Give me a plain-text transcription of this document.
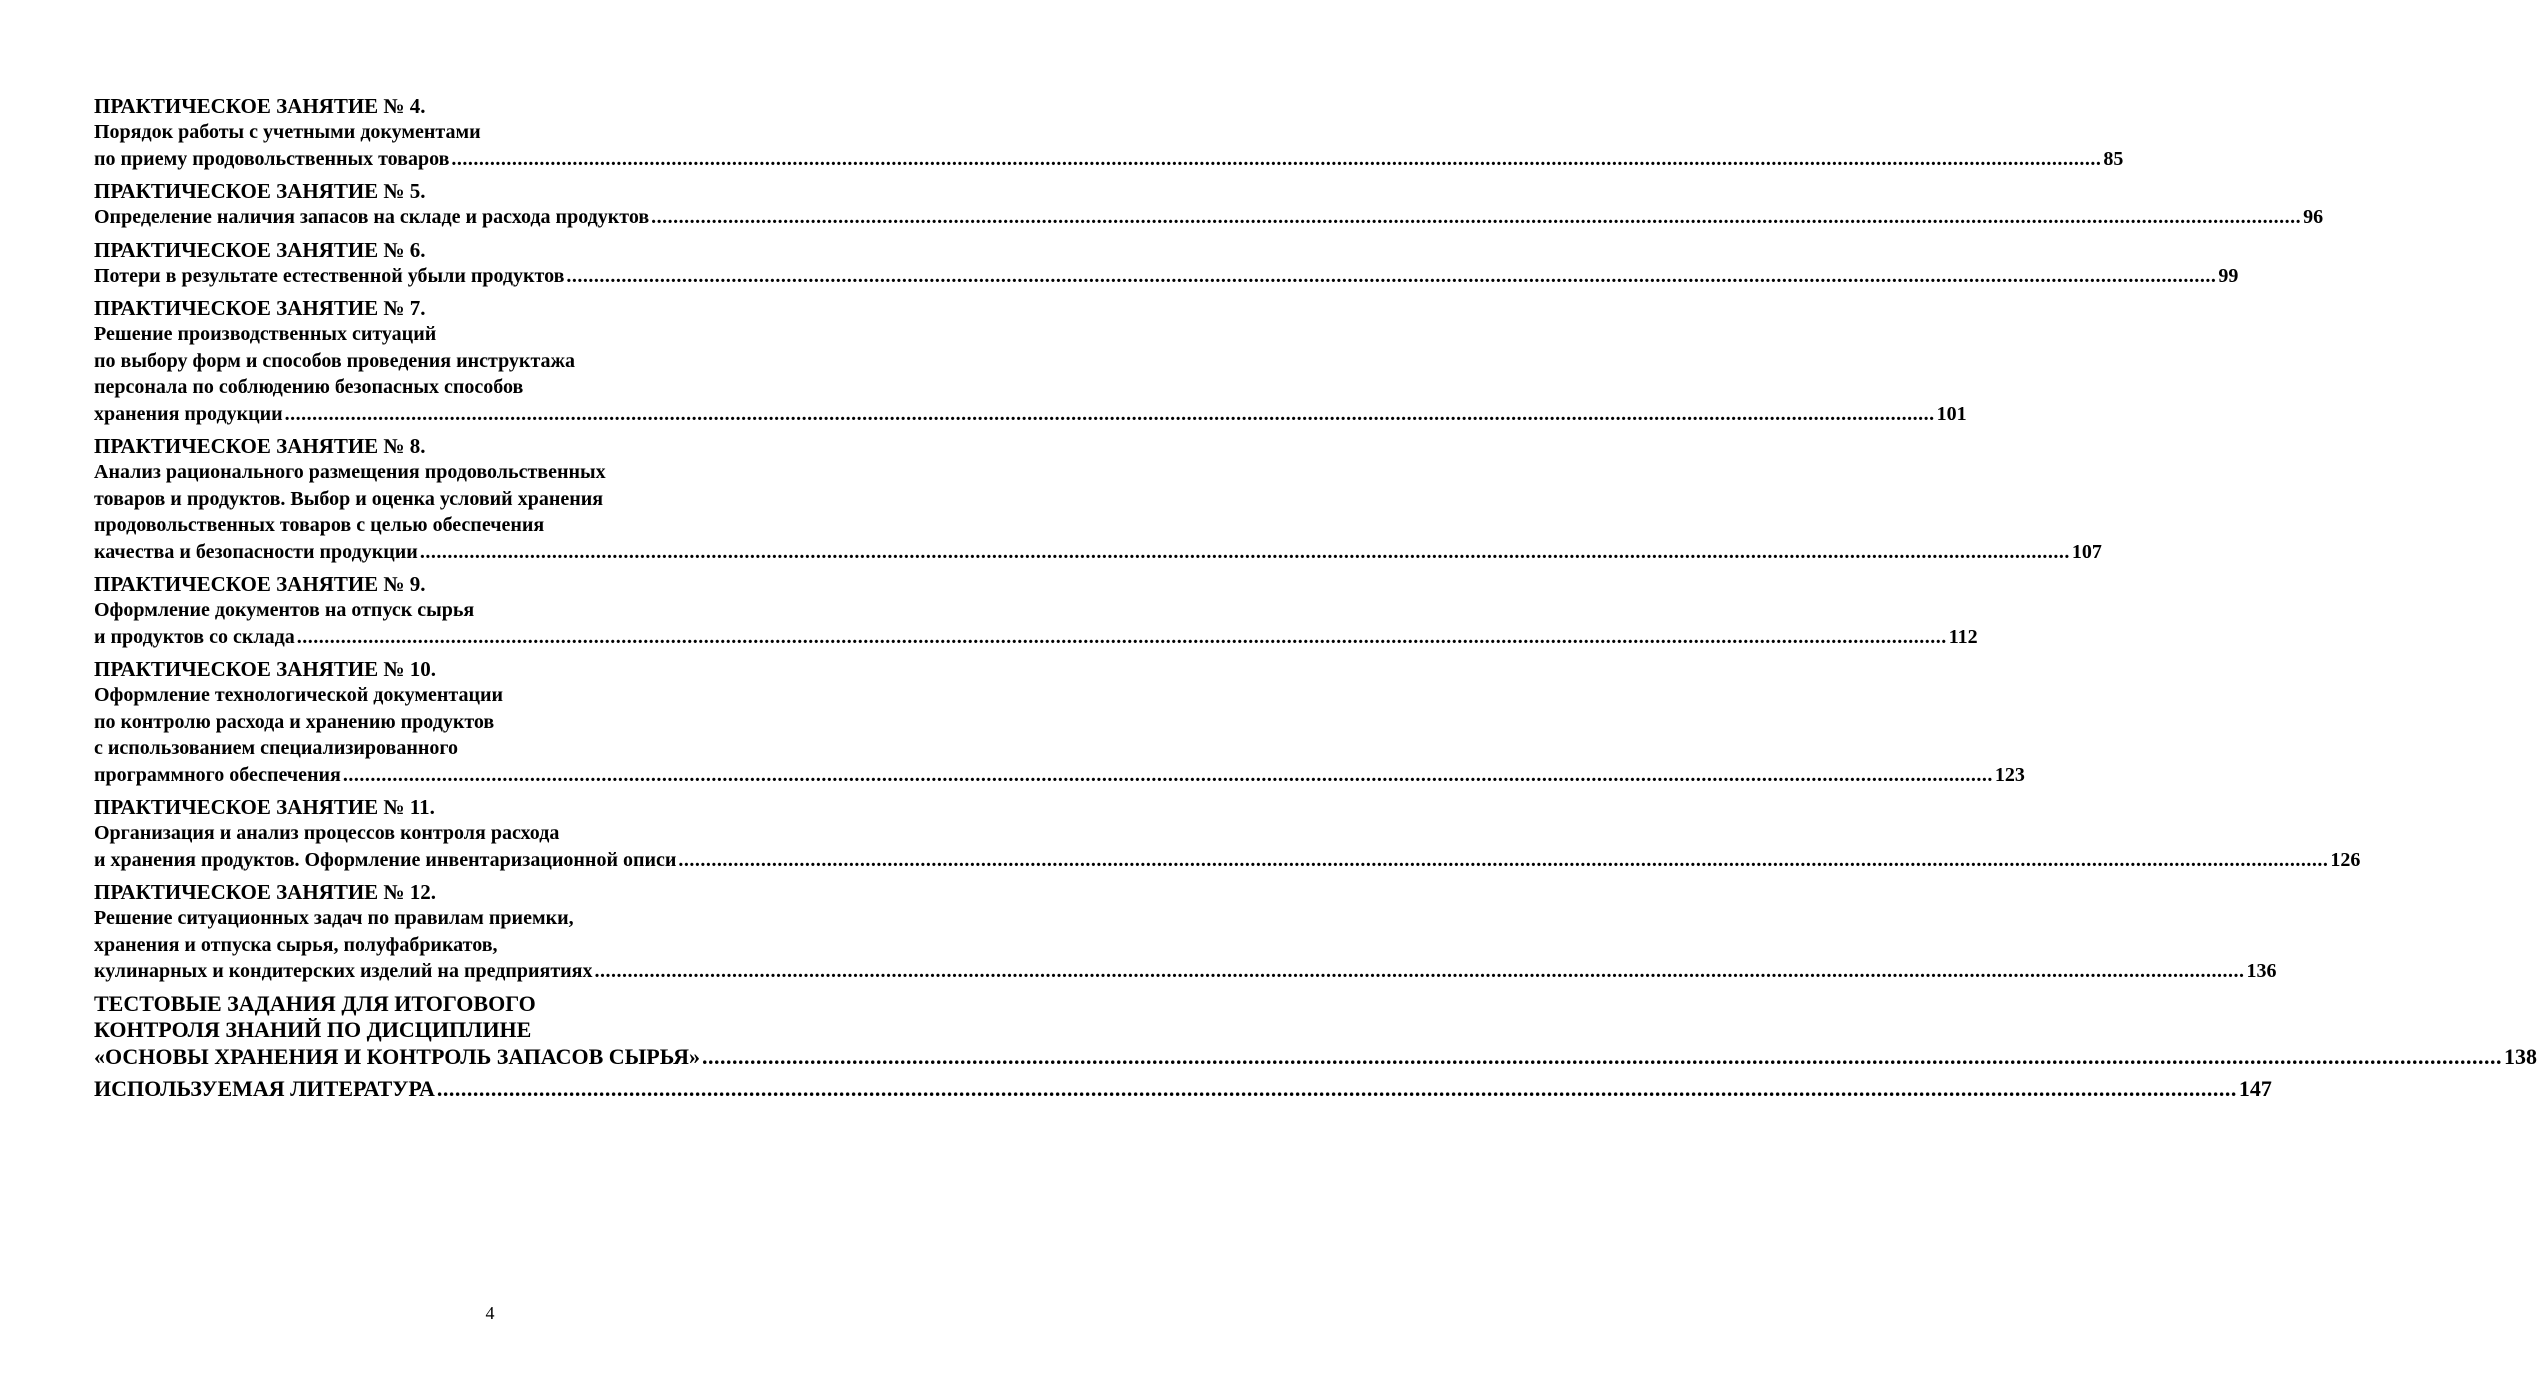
ПРАКТИЧЕСКОЕ ЗАНЯТИЕ № 4.
Порядок работы с учетными документами
по приему продовольственных товаров ............................................................................................................................................................................................................................................................................................................ 85
ПРАКТИЧЕСКОЕ ЗАНЯТИЕ № 5.
Определение наличия запасов на складе и расхода продуктов ............................................................................................................................................................................................................................................................................................................ 96
ПРАКТИЧЕСКОЕ ЗАНЯТИЕ № 6.
Потери в результате естественной убыли продуктов ............................................................................................................................................................................................................................................................................................................ 99
ПРАКТИЧЕСКОЕ ЗАНЯТИЕ № 7.
Решение производственных ситуаций
по выбору форм и способов проведения инструктажа
персонала по соблюдению безопасных способов
хранения продукции ............................................................................................................................................................................................................................................................................................................ 101
ПРАКТИЧЕСКОЕ ЗАНЯТИЕ № 8.
Анализ рационального размещения продовольственных
товаров и продуктов. Выбор и оценка условий хранения
продовольственных товаров с целью обеспечения
качества и безопасности продукции ............................................................................................................................................................................................................................................................................................................ 107
ПРАКТИЧЕСКОЕ ЗАНЯТИЕ № 9.
Оформление документов на отпуск сырья
и продуктов со склада ............................................................................................................................................................................................................................................................................................................ 112
ПРАКТИЧЕСКОЕ ЗАНЯТИЕ № 10.
Оформление технологической документации
по контролю расхода и хранению продуктов
с использованием специализированного
программного обеспечения ............................................................................................................................................................................................................................................................................................................ 123
ПРАКТИЧЕСКОЕ ЗАНЯТИЕ № 11.
Организация и анализ процессов контроля расхода
и хранения продуктов. Оформление инвентаризационной описи ............................................................................................................................................................................................................................................................................................................ 126
ПРАКТИЧЕСКОЕ ЗАНЯТИЕ № 12.
Решение ситуационных задач по правилам приемки,
хранения и отпуска сырья, полуфабрикатов,
кулинарных и кондитерских изделий на предприятиях ............................................................................................................................................................................................................................................................................................................ 136
ТЕСТОВЫЕ ЗАДАНИЯ ДЛЯ ИТОГОВОГО
КОНТРОЛЯ ЗНАНИЙ ПО ДИСЦИПЛИНЕ
«ОСНОВЫ ХРАНЕНИЯ И КОНТРОЛЬ ЗАПАСОВ СЫРЬЯ» ............................................................................................................................................................................................................................................................................................................ 138
ИСПОЛЬЗУЕМАЯ ЛИТЕРАТУРА ............................................................................................................................................................................................................................................................................................................ 147
4
